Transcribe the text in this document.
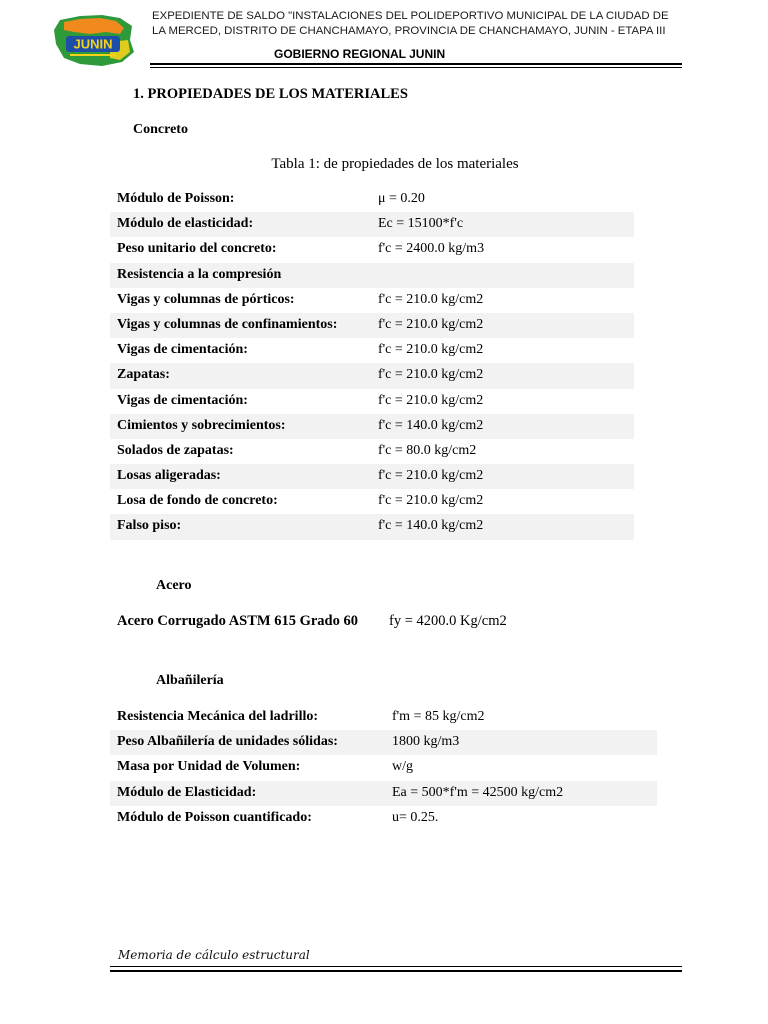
JUNIN
EXPEDIENTE DE SALDO "INSTALACIONES DEL POLIDEPORTIVO MUNICIPAL DE LA CIUDAD DE
LA MERCED, DISTRITO DE CHANCHAMAYO, PROVINCIA DE CHANCHAMAYO, JUNIN - ETAPA III
GOBIERNO REGIONAL JUNIN
1. PROPIEDADES DE LOS MATERIALES
Concreto
Tabla 1: de propiedades de los materiales
Módulo de Poisson:	μ = 0.20
Módulo de elasticidad:	Ec = 15100*f'c
Peso unitario del concreto:	f'c = 2400.0 kg/m3
Resistencia a la compresión
Vigas y columnas de pórticos:	f'c = 210.0 kg/cm2
Vigas y columnas de confinamientos:	f'c = 210.0 kg/cm2
Vigas de cimentación:	f'c = 210.0 kg/cm2
Zapatas:	f'c = 210.0 kg/cm2
Vigas de cimentación:	f'c = 210.0 kg/cm2
Cimientos y sobrecimientos:	f'c = 140.0 kg/cm2
Solados de zapatas:	f'c = 80.0 kg/cm2
Losas aligeradas:	f'c = 210.0 kg/cm2
Losa de fondo de concreto:	f'c = 210.0 kg/cm2
Falso piso:	f'c = 140.0 kg/cm2
Acero
Acero Corrugado ASTM 615 Grado 60 fy = 4200.0 Kg/cm2
Albañilería
Resistencia Mecánica del ladrillo:	f'm = 85 kg/cm2
Peso Albañilería de unidades sólidas:	1800 kg/m3
Masa por Unidad de Volumen:	w/g
Módulo de Elasticidad:	Ea = 500*f'm = 42500 kg/cm2
Módulo de Poisson cuantificado:	u= 0.25.
Memoria de cálculo estructural
